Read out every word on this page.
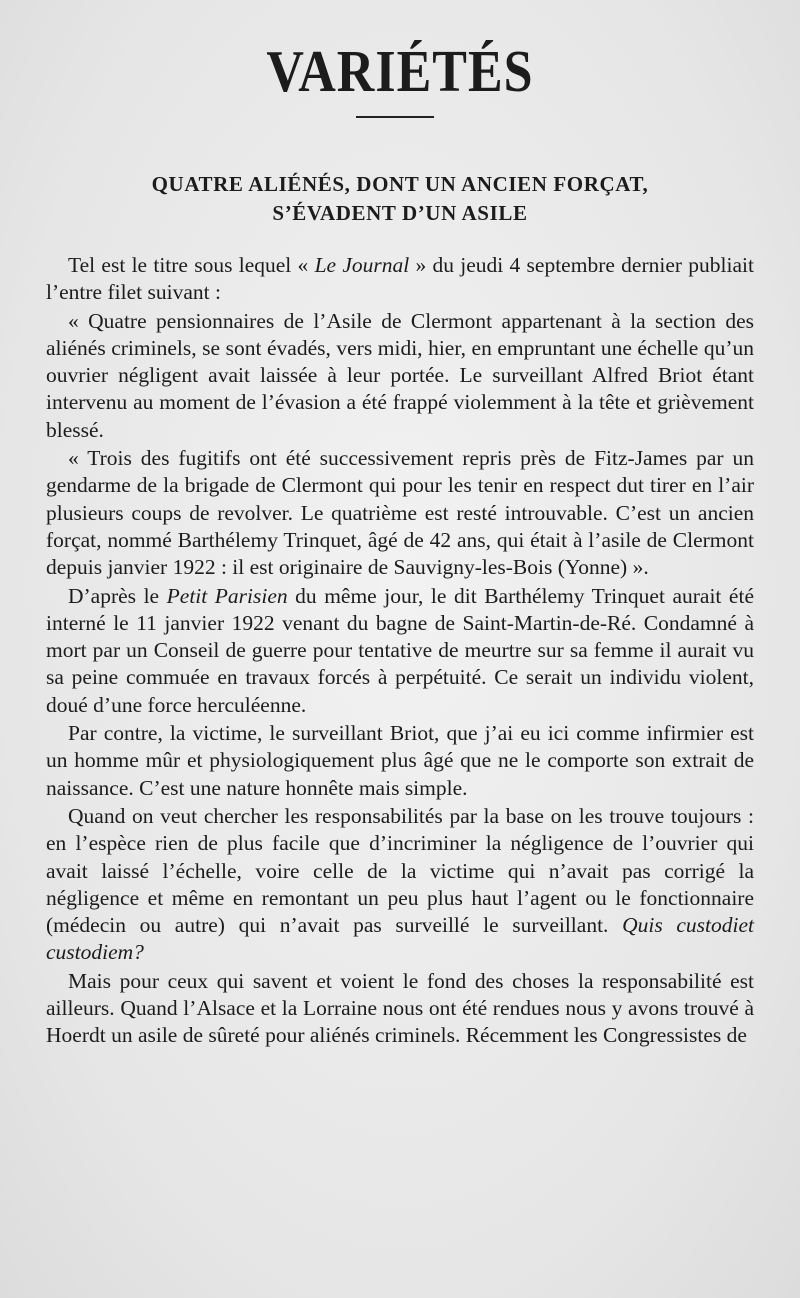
VARIÉTÉS
QUATRE ALIÉNÉS, DONT UN ANCIEN FORÇAT,
S’ÉVADENT D’UN ASILE

Tel est le titre sous lequel « Le Journal » du jeudi 4 septembre dernier publiait l’entre filet suivant :

« Quatre pensionnaires de l’Asile de Clermont appartenant à la section des aliénés criminels, se sont évadés, vers midi, hier, en empruntant une échelle qu’un ouvrier négligent avait laissée à leur portée. Le surveillant Alfred Briot étant intervenu au moment de l’évasion a été frappé violemment à la tête et grièvement blessé.

« Trois des fugitifs ont été successivement repris près de Fitz-James par un gendarme de la brigade de Clermont qui pour les tenir en respect dut tirer en l’air plusieurs coups de revolver. Le quatrième est resté introuvable. C’est un ancien forçat, nommé Barthélemy Trinquet, âgé de 42 ans, qui était à l’asile de Clermont depuis janvier 1922 : il est originaire de Sauvigny-les-Bois (Yonne) ».

D’après le Petit Parisien du même jour, le dit Barthélemy Trinquet aurait été interné le 11 janvier 1922 venant du bagne de Saint-Martin-de-Ré. Condamné à mort par un Conseil de guerre pour tentative de meurtre sur sa femme il aurait vu sa peine commuée en travaux forcés à perpétuité. Ce serait un individu violent, doué d’une force herculéenne.

Par contre, la victime, le surveillant Briot, que j’ai eu ici comme infirmier est un homme mûr et physiologiquement plus âgé que ne le comporte son extrait de naissance. C’est une nature honnête mais simple.

Quand on veut chercher les responsabilités par la base on les trouve toujours : en l’espèce rien de plus facile que d’incriminer la négligence de l’ouvrier qui avait laissé l’échelle, voire celle de la victime qui n’avait pas corrigé la négligence et même en remontant un peu plus haut l’agent ou le fonctionnaire (médecin ou autre) qui n’avait pas surveillé le surveillant. Quis custodiet custodiem?

Mais pour ceux qui savent et voient le fond des choses la responsabilité est ailleurs. Quand l’Alsace et la Lorraine nous ont été rendues nous y avons trouvé à Hoerdt un asile de sûreté pour aliénés criminels. Récemment les Congressistes de
